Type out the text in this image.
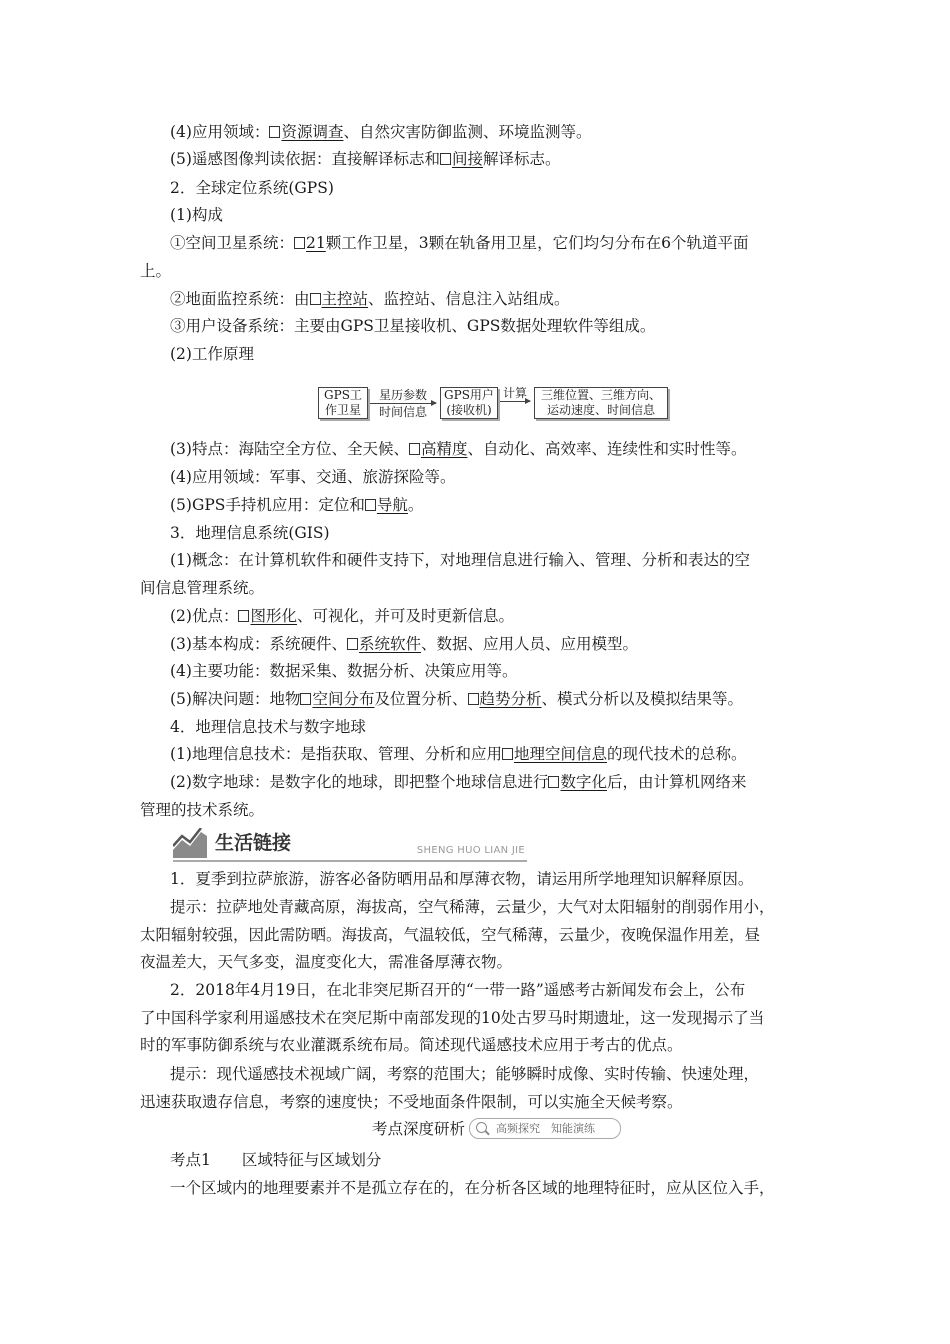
(4)应用领域： 资源调查、自然灾害防御监测、环境监测等。
(5)遥感图像判读依据：直接解译标志和 间接解译标志。
2．全球定位系统(GPS)
(1)构成
①空间卫星系统： 21颗工作卫星，3颗在轨备用卫星，它们均匀分布在6个轨道平面
上。
②地面监控系统：由 主控站、监控站、信息注入站组成。
③用户设备系统：主要由GPS卫星接收机、GPS数据处理软件等组成。
(2)工作原理
GPS工
作卫星
星历参数
时间信息
GPS用户
(接收机)
计算	三维位置、三维方向、
运动速度、时间信息
(3)特点：海陆空全方位、全天候、 高精度、自动化、高效率、连续性和实时性等。
(4)应用领域：军事、交通、旅游探险等。
(5)GPS手持机应用：定位和 导航。
3．地理信息系统(GIS)
(1)概念：在计算机软件和硬件支持下，对地理信息进行输入、管理、分析和表达的空
间信息管理系统。
(2)优点： 图形化、可视化，并可及时更新信息。
(3)基本构成：系统硬件、 系统软件、数据、应用人员、应用模型。
(4)主要功能：数据采集、数据分析、决策应用等。
(5)解决问题：地物 空间分布及位置分析、 趋势分析、模式分析以及模拟结果等。
4．地理信息技术与数字地球
(1)地理信息技术：是指获取、管理、分析和应用 地理空间信息的现代技术的总称。
(2)数字地球：是数字化的地球，即把整个地球信息进行 数字化后，由计算机网络来
管理的技术系统。
生活链接	SHENG HUO LIAN JIE
1．夏季到拉萨旅游，游客必备防晒用品和厚薄衣物，请运用所学地理知识解释原因。
提示：拉萨地处青藏高原，海拔高，空气稀薄，云量少，大气对太阳辐射的削弱作用小，
太阳辐射较强，因此需防晒。海拔高，气温较低，空气稀薄，云量少，夜晚保温作用差，昼
夜温差大，天气多变，温度变化大，需准备厚薄衣物。
2．2018年4月19日，在北非突尼斯召开的“一带一路”遥感考古新闻发布会上，公布
了中国科学家利用遥感技术在突尼斯中南部发现的10处古罗马时期遗址，这一发现揭示了当
时的军事防御系统与农业灌溉系统布局。简述现代遥感技术应用于考古的优点。
提示：现代遥感技术视域广阔，考察的范围大；能够瞬时成像、实时传输、快速处理，
迅速获取遗存信息，考察的速度快；不受地面条件限制，可以实施全天候考察。
考点深度研析	高频探究　知能演练
考点1　　区域特征与区域划分
一个区域内的地理要素并不是孤立存在的，在分析各区域的地理特征时，应从区位入手，
